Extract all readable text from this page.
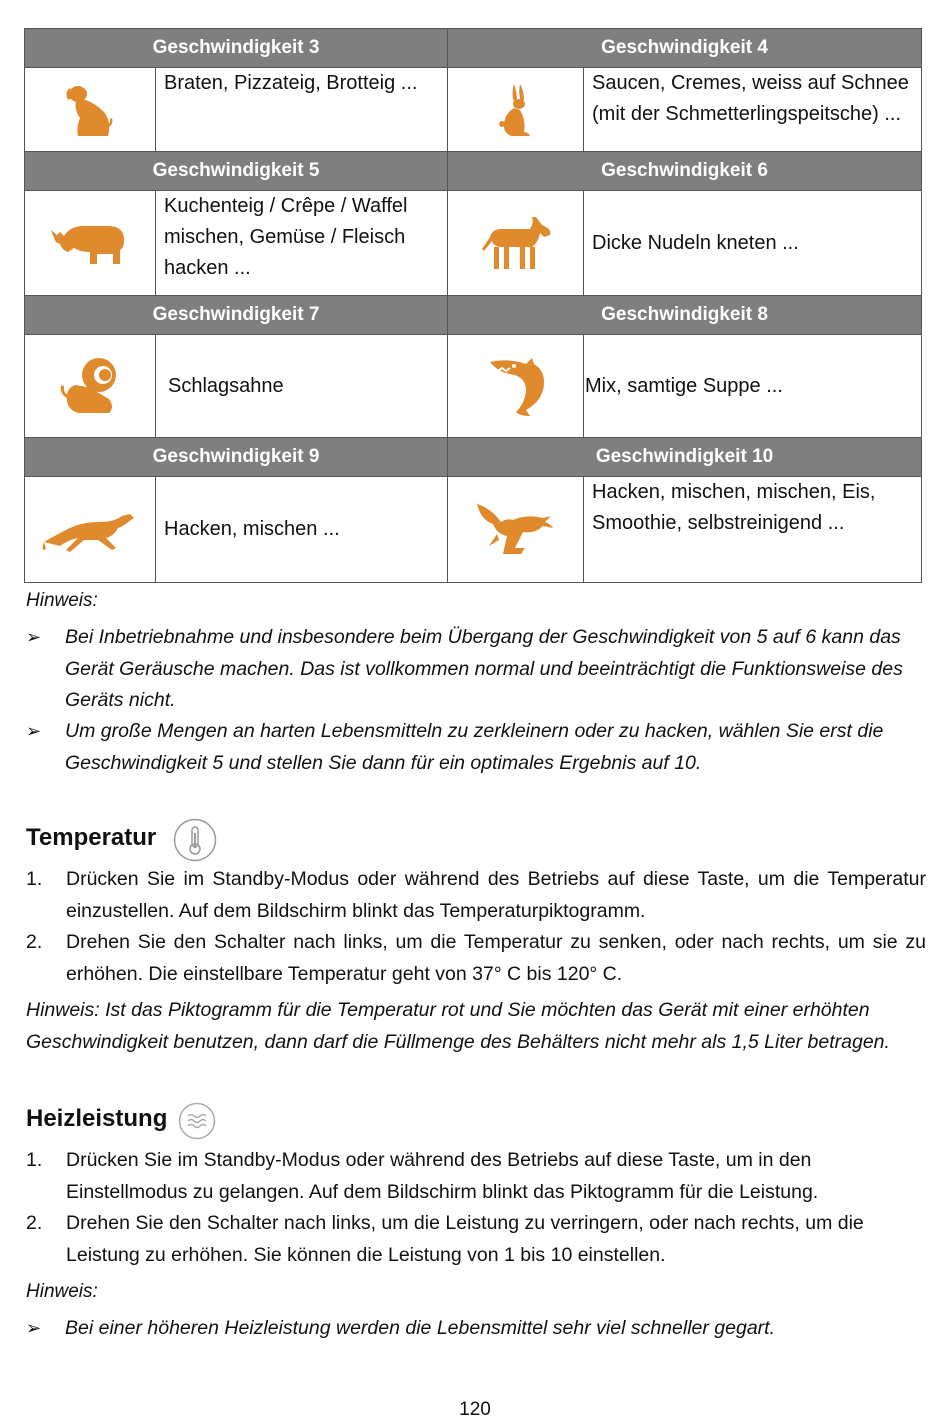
Geschwindigkeit 3		Geschwindigkeit 4	

	Braten, Pizzateig, Brotteig ...		Saucen, Cremes, weiss auf Schnee (mit der Schmetterlingspeitsche) ...
Geschwindigkeit 5		Geschwindigkeit 6	

	Kuchenteig / Crêpe / Waffel mischen, Gemüse / Fleisch hacken ...		Dicke Nudeln kneten ...
Geschwindigkeit 7		Geschwindigkeit 8	

	Schlagsahne		Mix, samtige Suppe ...
Geschwindigkeit 9		Geschwindigkeit 10	

	Hacken, mischen ...		Hacken, mischen, mischen, Eis, Smoothie, selbstreinigend ...
Hinweis:
➢ Bei Inbetriebnahme und insbesondere beim Übergang der Geschwindigkeit von 5 auf 6 kann das Gerät Geräusche machen. Das ist vollkommen normal und beeinträchtigt die Funktionsweise des Geräts nicht.
➢ Um große Mengen an harten Lebensmitteln zu zerkleinern oder zu hacken, wählen Sie erst die Geschwindigkeit 5 und stellen Sie dann für ein optimales Ergebnis auf 10.
Temperatur
1. Drücken Sie im Standby-Modus oder während des Betriebs auf diese Taste, um die Temperatur einzustellen. Auf dem Bildschirm blinkt das Temperaturpiktogramm.
2. Drehen Sie den Schalter nach links, um die Temperatur zu senken, oder nach rechts, um sie zu erhöhen. Die einstellbare Temperatur geht von 37° C bis 120° C.
Hinweis: Ist das Piktogramm für die Temperatur rot und Sie möchten das Gerät mit einer erhöhten Geschwindigkeit benutzen, dann darf die Füllmenge des Behälters nicht mehr als 1,5 Liter betragen.
Heizleistung
1. Drücken Sie im Standby-Modus oder während des Betriebs auf diese Taste, um in den Einstellmodus zu gelangen. Auf dem Bildschirm blinkt das Piktogramm für die Leistung.
2. Drehen Sie den Schalter nach links, um die Leistung zu verringern, oder nach rechts, um die Leistung zu erhöhen. Sie können die Leistung von 1 bis 10 einstellen.
Hinweis:
➢ Bei einer höheren Heizleistung werden die Lebensmittel sehr viel schneller gegart.
120
